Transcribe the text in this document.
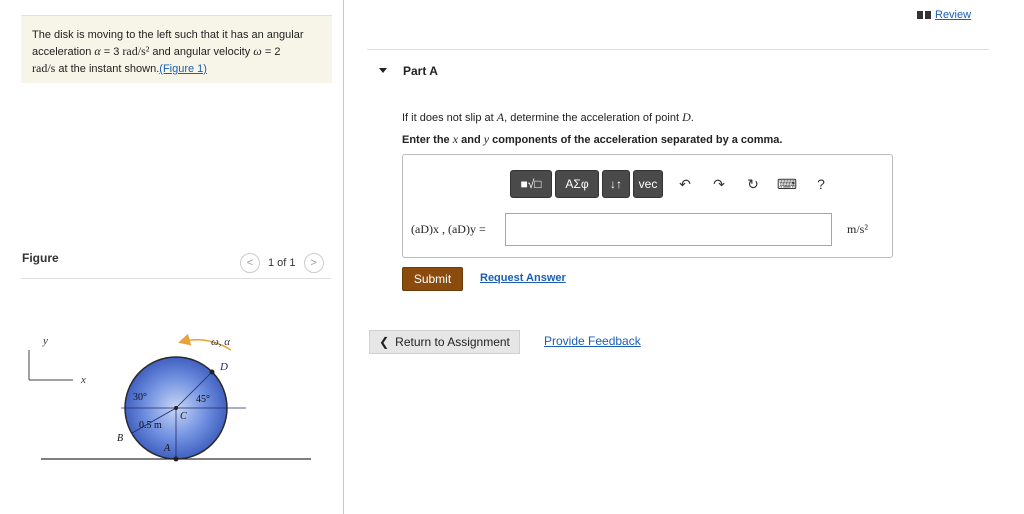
The disk is moving to the left such that it has an angular
acceleration α = 3 rad/s² and angular velocity ω = 2
rad/s at the instant shown.(Figure 1)
Figure	<	1 of 1	>
y
x
ω, α
D
30°	45°
C
0.5 m
B
A
Review
Part A
If it does not slip at A, determine the acceleration of point D.
Enter the x and y components of the acceleration separated by a comma.
■√□	ΑΣφ	↓↑	vec	↶	↷	↻	⌨	?
(aD)x , (aD)y =	m/s²
Submit	Request Answer
❮ Return to Assignment	Provide Feedback
